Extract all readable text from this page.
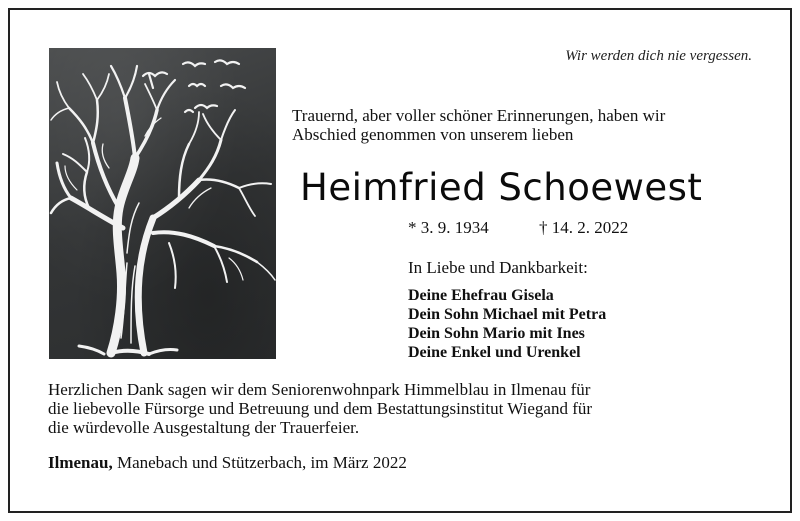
Wir werden dich nie vergessen.

Trauernd, aber voller schöner Erinnerungen, haben wir

Abschied genommen von unserem lieben

Heimfried Schoewest
* 3. 9. 1934	† 14. 2. 2022
In Liebe und Dankbarkeit:
Deine Ehefrau Gisela
Dein Sohn Michael mit Petra
Dein Sohn Mario mit Ines
Deine Enkel und Urenkel
Herzlichen Dank sagen wir dem Seniorenwohnpark Himmelblau in Ilmenau für
die liebevolle Fürsorge und Betreuung und dem Bestattungsinstitut Wiegand für
die würdevolle Ausgestaltung der Trauerfeier.
Ilmenau, Manebach und Stützerbach, im März 2022
